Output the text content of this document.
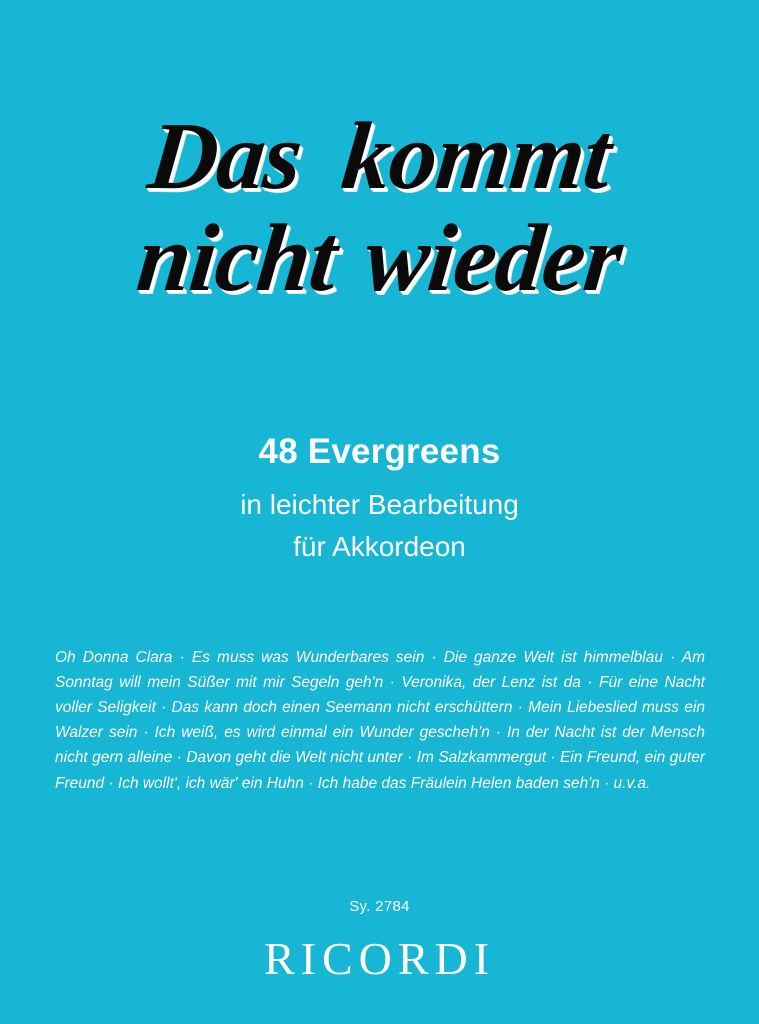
Das kommt
nicht wieder
48 Evergreens
in leichter Bearbeitung
für Akkordeon
Oh Donna Clara · Es muss was Wunderbares sein · Die ganze Welt ist himmelblau · Am Sonntag will mein Süßer mit mir Segeln geh'n · Veronika, der Lenz ist da · Für eine Nacht voller Seligkeit · Das kann doch einen Seemann nicht erschüttern · Mein Liebeslied muss ein Walzer sein · Ich weiß, es wird einmal ein Wunder gescheh'n · In der Nacht ist der Mensch nicht gern alleine · Davon geht die Welt nicht unter · Im Salzkammergut · Ein Freund, ein guter Freund · Ich wollt', ich wär' ein Huhn · Ich habe das Fräulein Helen baden seh'n · u.v.a.
Sy. 2784
RICORDI
